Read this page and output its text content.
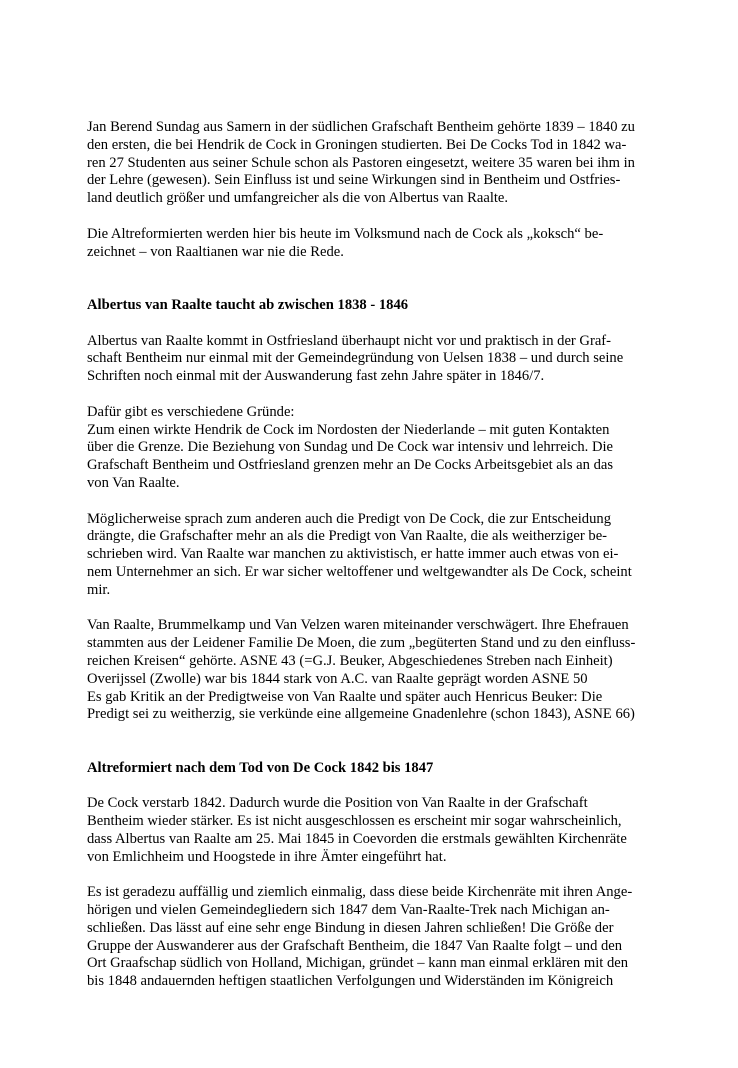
Jan Berend Sundag aus Samern in der südlichen Grafschaft Bentheim gehörte 1839 – 1840 zu
den ersten, die bei Hendrik de Cock in Groningen studierten. Bei De Cocks Tod in 1842 wa-
ren 27 Studenten aus seiner Schule schon als Pastoren eingesetzt, weitere 35 waren bei ihm in
der Lehre (gewesen). Sein Einfluss ist und seine Wirkungen sind in Bentheim und Ostfries-
land deutlich größer und umfangreicher als die von Albertus van Raalte.
Die Altreformierten werden hier bis heute im Volksmund nach de Cock als „koksch“ be-
zeichnet – von Raaltianen war nie die Rede.
Albertus van Raalte taucht ab zwischen 1838 - 1846
Albertus van Raalte kommt in Ostfriesland überhaupt nicht vor und praktisch in der Graf-
schaft Bentheim nur einmal mit der Gemeindegründung von Uelsen 1838 – und durch seine
Schriften noch einmal mit der Auswanderung fast zehn Jahre später in 1846/7.
Dafür gibt es verschiedene Gründe:
Zum einen wirkte Hendrik de Cock im Nordosten der Niederlande – mit guten Kontakten
über die Grenze. Die Beziehung von Sundag und De Cock war intensiv und lehrreich. Die
Grafschaft Bentheim und Ostfriesland grenzen mehr an De Cocks Arbeitsgebiet als an das
von Van Raalte.
Möglicherweise sprach zum anderen auch die Predigt von De Cock, die zur Entscheidung
drängte, die Grafschafter mehr an als die Predigt von Van Raalte, die als weitherziger be-
schrieben wird. Van Raalte war manchen zu aktivistisch, er hatte immer auch etwas von ei-
nem Unternehmer an sich. Er war sicher weltoffener und weltgewandter als De Cock, scheint
mir.
Van Raalte, Brummelkamp und Van Velzen waren miteinander verschwägert. Ihre Ehefrauen
stammten aus der Leidener Familie De Moen, die zum „begüterten Stand und zu den einfluss-
reichen Kreisen“ gehörte. ASNE 43 (=G.J. Beuker, Abgeschiedenes Streben nach Einheit)
Overijssel (Zwolle) war bis 1844 stark von A.C. van Raalte geprägt worden ASNE 50
Es gab Kritik an der Predigtweise von Van Raalte und später auch Henricus Beuker: Die
Predigt sei zu weitherzig, sie verkünde eine allgemeine Gnadenlehre (schon 1843), ASNE 66)
Altreformiert nach dem Tod von De Cock 1842 bis 1847
De Cock verstarb 1842. Dadurch wurde die Position von Van Raalte in der Grafschaft
Bentheim wieder stärker. Es ist nicht ausgeschlossen es erscheint mir sogar wahrscheinlich,
dass Albertus van Raalte am 25. Mai 1845 in Coevorden die erstmals gewählten Kirchenräte
von Emlichheim und Hoogstede in ihre Ämter eingeführt hat.
Es ist geradezu auffällig und ziemlich einmalig, dass diese beide Kirchenräte mit ihren Ange-
hörigen und vielen Gemeindegliedern sich 1847 dem Van-Raalte-Trek nach Michigan an-
schließen. Das lässt auf eine sehr enge Bindung in diesen Jahren schließen! Die Größe der
Gruppe der Auswanderer aus der Grafschaft Bentheim, die 1847 Van Raalte folgt – und den
Ort Graafschap südlich von Holland, Michigan, gründet – kann man einmal erklären mit den
bis 1848 andauernden heftigen staatlichen Verfolgungen und Widerständen im Königreich
